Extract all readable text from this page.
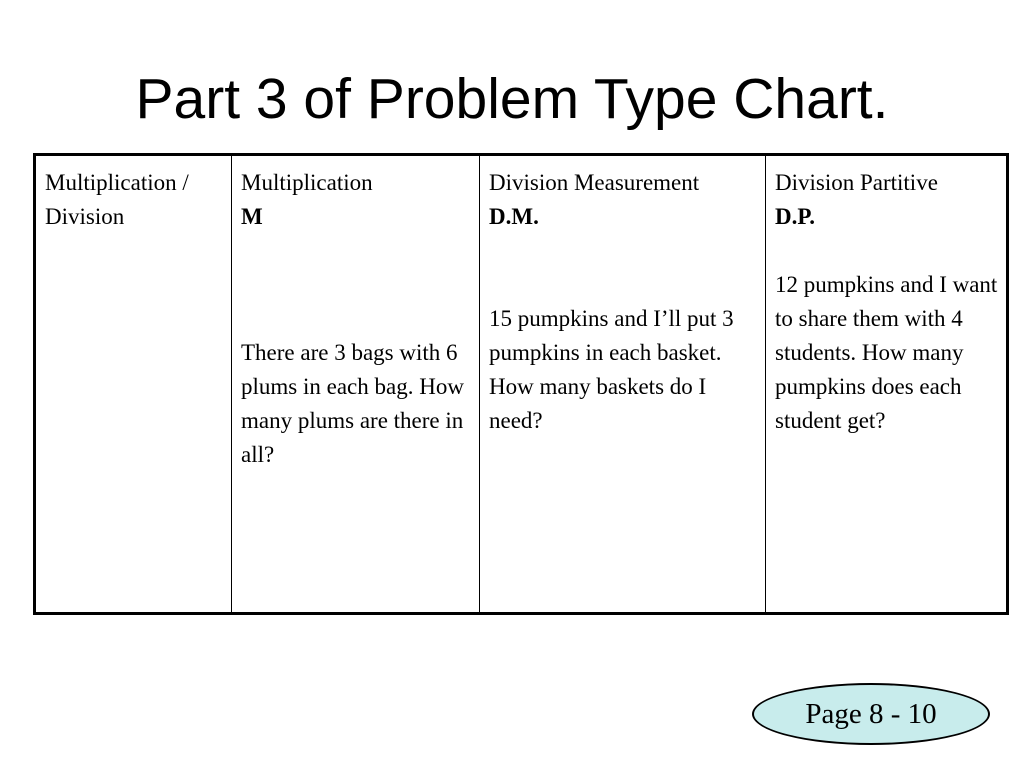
Part 3 of Problem Type Chart.
Multiplication / Division
Multiplication
M
There are 3 bags with 6 plums in each bag. How many plums are there in all?
Division Measurement
D.M.
15 pumpkins and I’ll put 3 pumpkins in each basket. How many baskets do I need?
Division Partitive
D.P.
12 pumpkins and I want to share them with 4 students. How many pumpkins does each student get?
Page 8 - 10
